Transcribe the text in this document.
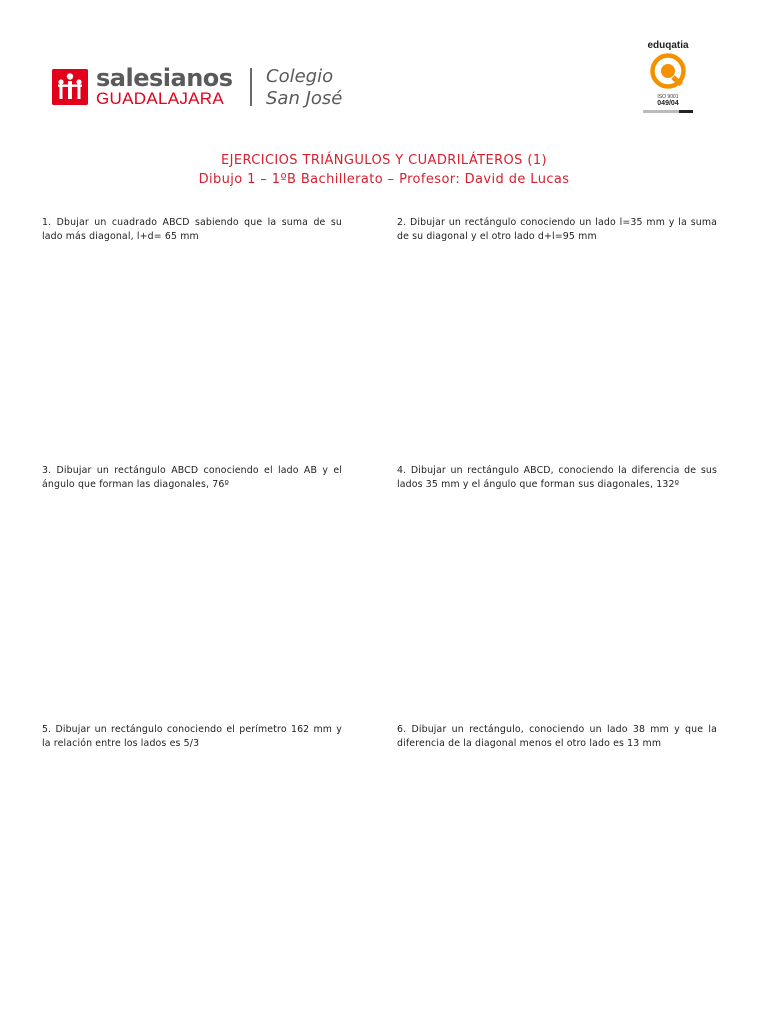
salesianos
GUADALAJARA
Colegio
San José
eduqatia
ISO 9001
049/04
EJERCICIOS TRIÁNGULOS Y CUADRILÁTEROS (1)
Dibujo 1 – 1ºB Bachillerato – Profesor: David de Lucas
1. Dbujar un cuadrado ABCD sabiendo que la suma de su lado más diagonal, l+d= 65 mm
2. Dibujar un rectángulo conociendo un lado l=35 mm y la suma de su diagonal y el otro lado d+l=95 mm
3. Dibujar un rectángulo ABCD conociendo el lado AB y el ángulo que forman las diagonales, 76º
4. Dibujar un rectángulo ABCD, conociendo la diferencia de sus lados 35 mm y el ángulo que forman sus diagonales, 132º
5. Dibujar un rectángulo conociendo el perímetro 162 mm y la relación entre los lados es 5/3
6. Dibujar un rectángulo, conociendo un lado 38 mm y que la diferencia de la diagonal menos el otro lado es 13 mm
